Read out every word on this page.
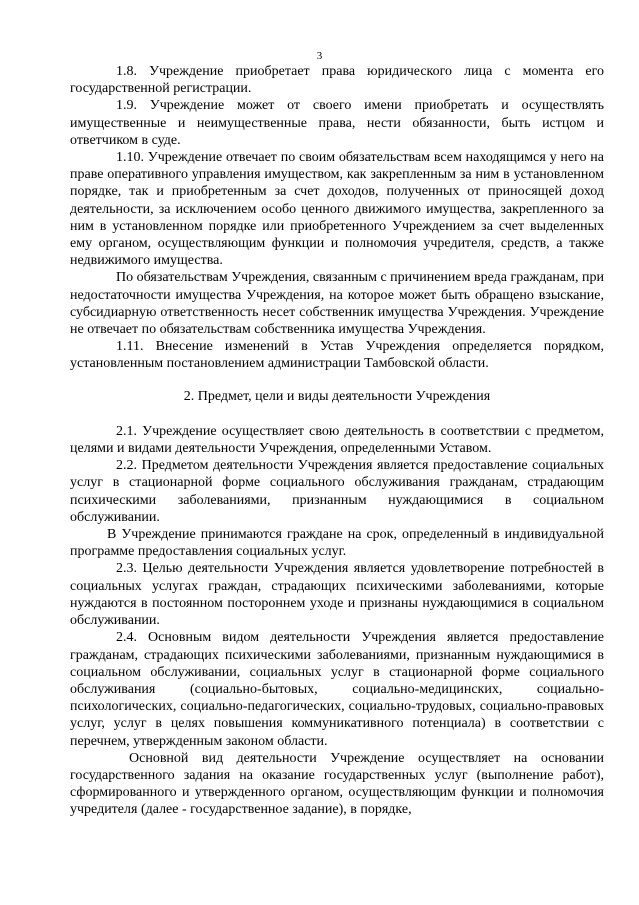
3

1.8. Учреждение приобретает права юридического лица с момента его государственной регистрации.

1.9. Учреждение может от своего имени приобретать и осуществлять имущественные и неимущественные права, нести обязанности, быть истцом и ответчиком в суде.

1.10. Учреждение отвечает по своим обязательствам всем находящимся у него на праве оперативного управления имуществом, как закрепленным за ним в установленном порядке, так и приобретенным за счет доходов, полученных от приносящей доход деятельности, за исключением особо ценного движимого имущества, закрепленного за ним в установленном порядке или приобретенного Учреждением за счет выделенных ему органом, осуществляющим функции и полномочия учредителя, средств, а также недвижимого имущества.

По обязательствам Учреждения, связанным с причинением вреда гражданам, при недостаточности имущества Учреждения, на которое может быть обращено взыскание, субсидиарную ответственность несет собственник имущества Учреждения. Учреждение не отвечает по обязательствам собственника имущества Учреждения.

1.11. Внесение изменений в Устав Учреждения определяется порядком, установленным постановлением администрации Тамбовской области.

2. Предмет, цели и виды деятельности Учреждения

2.1. Учреждение осуществляет свою деятельность в соответствии с предметом, целями и видами деятельности Учреждения, определенными Уставом.

2.2. Предметом деятельности Учреждения является предоставление социальных услуг в стационарной форме социального обслуживания гражданам, страдающим психическими заболеваниями, признанным нуждающимися в социальном обслуживании.

В Учреждение принимаются граждане на срок, определенный в индивидуальной программе предоставления социальных услуг.

2.3. Целью деятельности Учреждения является удовлетворение потребностей в социальных услугах граждан, страдающих психическими заболеваниями, которые нуждаются в постоянном постороннем уходе и признаны нуждающимися в социальном обслуживании.

2.4. Основным видом деятельности Учреждения является предоставление гражданам, страдающих психическими заболеваниями, признанным нуждающимися в социальном обслуживании, социальных услуг в стационарной форме социального обслуживания (социально-бытовых, социально-медицинских, социально-психологических, социально-педагогических, социально-трудовых, социально-правовых услуг, услуг в целях повышения коммуникативного потенциала) в соответствии с перечнем, утвержденным законом области.

Основной вид деятельности Учреждение осуществляет на основании государственного задания на оказание государственных услуг (выполнение работ), сформированного и утвержденного органом, осуществляющим функции и полномочия учредителя (далее - государственное задание), в порядке,
